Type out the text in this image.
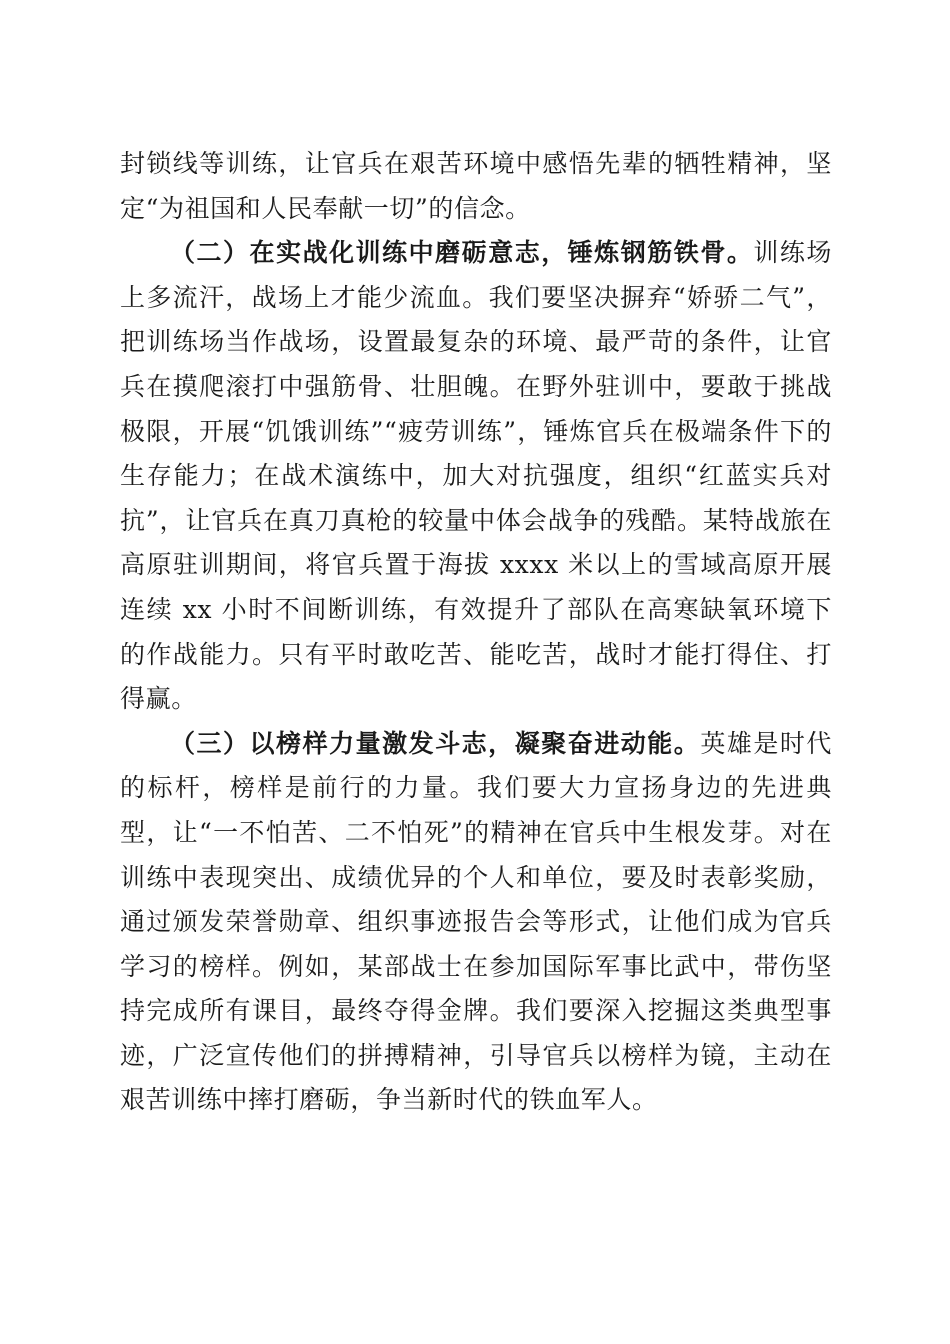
封锁线等训练，让官兵在艰苦环境中感悟先辈的牺牲精神，坚定“为祖国和人民奉献一切”的信念。

（二）在实战化训练中磨砺意志，锤炼钢筋铁骨。训练场上多流汗，战场上才能少流血。我们要坚决摒弃“娇骄二气”，把训练场当作战场，设置最复杂的环境、最严苛的条件，让官兵在摸爬滚打中强筋骨、壮胆魄。在野外驻训中，要敢于挑战极限，开展“饥饿训练”“疲劳训练”，锤炼官兵在极端条件下的生存能力；在战术演练中，加大对抗强度，组织“红蓝实兵对抗”，让官兵在真刀真枪的较量中体会战争的残酷。某特战旅在高原驻训期间，将官兵置于海拔 xxxx 米以上的雪域高原开展连续 xx 小时不间断训练，有效提升了部队在高寒缺氧环境下的作战能力。只有平时敢吃苦、能吃苦，战时才能打得住、打得赢。

（三）以榜样力量激发斗志，凝聚奋进动能。英雄是时代的标杆，榜样是前行的力量。我们要大力宣扬身边的先进典型，让“一不怕苦、二不怕死”的精神在官兵中生根发芽。对在训练中表现突出、成绩优异的个人和单位，要及时表彰奖励，通过颁发荣誉勋章、组织事迹报告会等形式，让他们成为官兵学习的榜样。例如，某部战士在参加国际军事比武中，带伤坚持完成所有课目，最终夺得金牌。我们要深入挖掘这类典型事迹，广泛宣传他们的拼搏精神，引导官兵以榜样为镜，主动在艰苦训练中摔打磨砺，争当新时代的铁血军人。
